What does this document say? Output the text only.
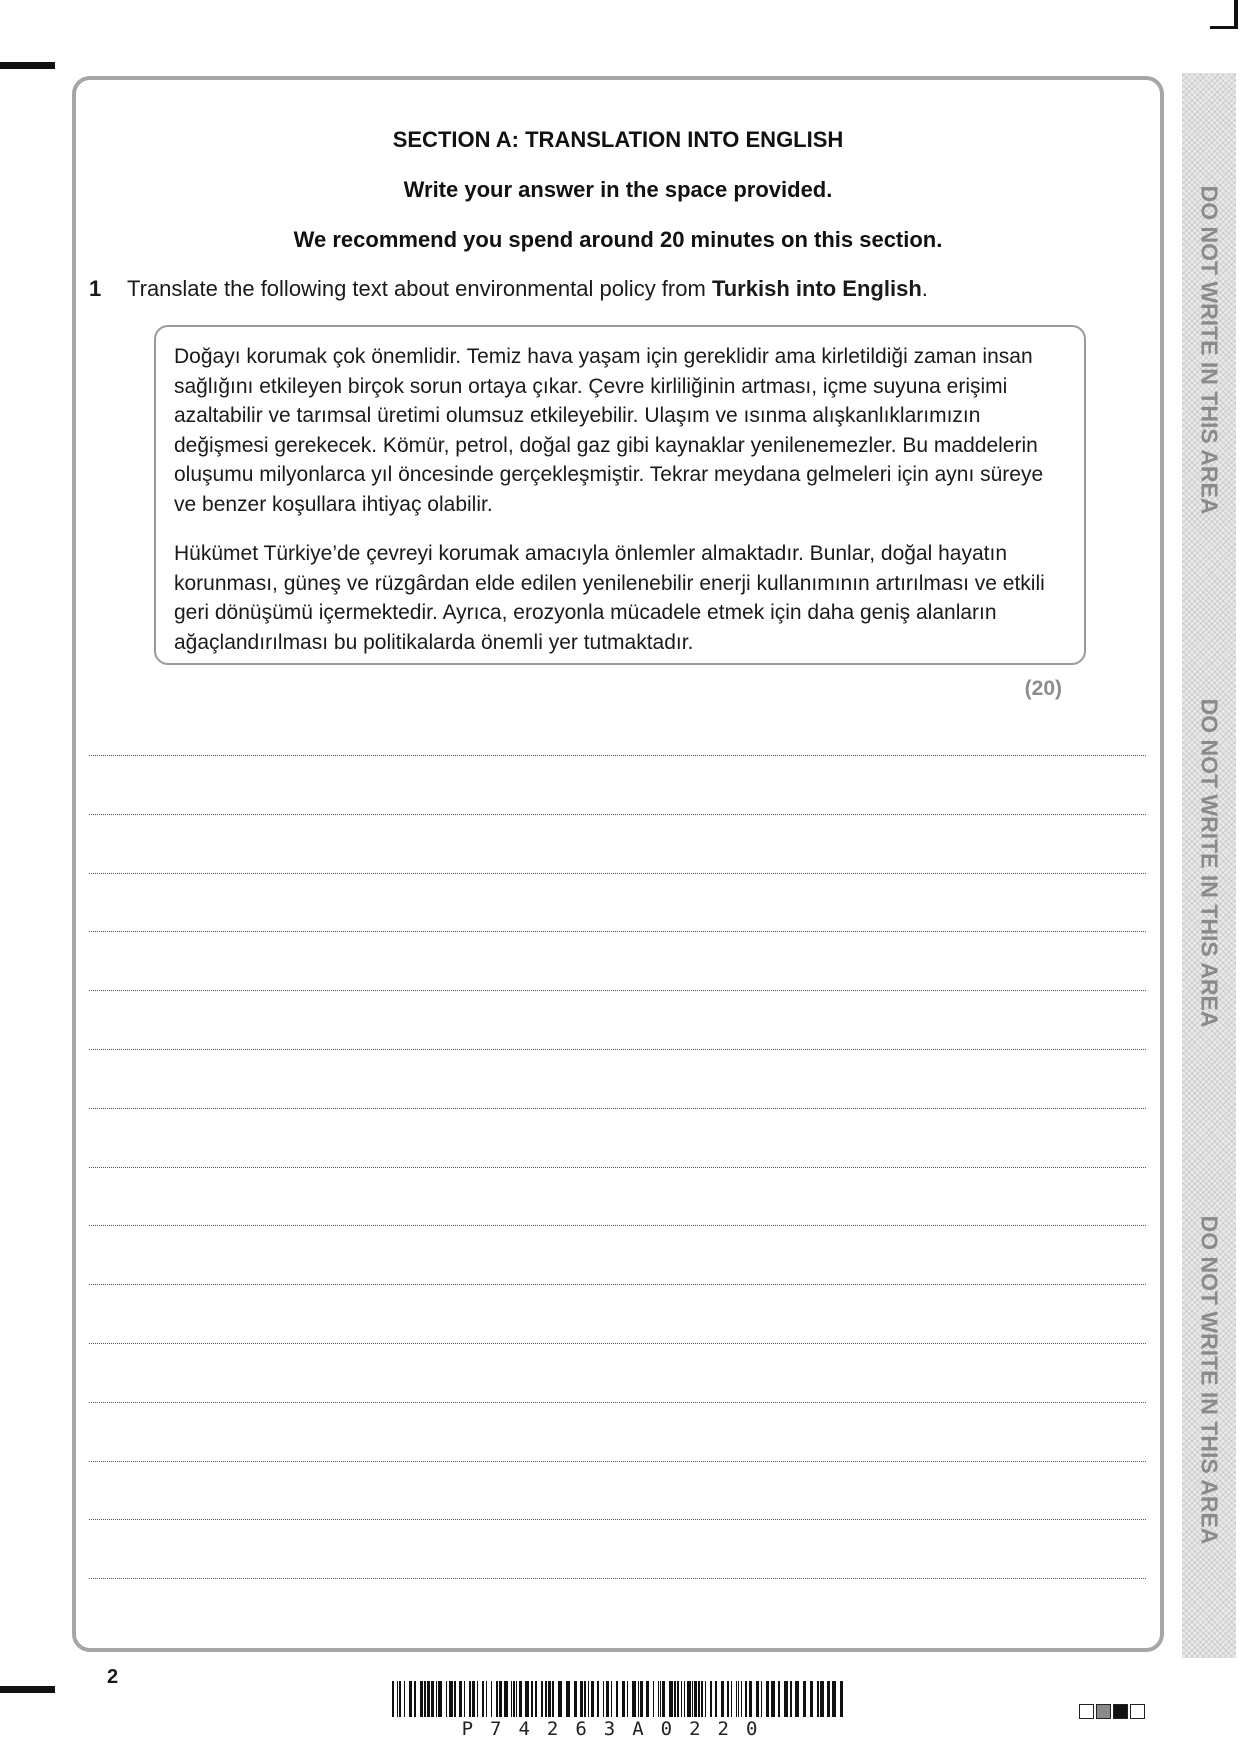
DO NOT WRITE IN THIS AREA
DO NOT WRITE IN THIS AREA
DO NOT WRITE IN THIS AREA
SECTION A: TRANSLATION INTO ENGLISH
Write your answer in the space provided.
We recommend you spend around 20 minutes on this section.
1 Translate the following text about environmental policy from Turkish into English.

Doğayı korumak çok önemlidir. Temiz hava yaşam için gereklidir ama kirletildiği zaman insan sağlığını etkileyen birçok sorun ortaya çıkar. Çevre kirliliğinin artması, içme suyuna erişimi azaltabilir ve tarımsal üretimi olumsuz etkileyebilir. Ulaşım ve ısınma alışkanlıklarımızın değişmesi gerekecek. Kömür, petrol, doğal gaz gibi kaynaklar yenilenemezler. Bu maddelerin oluşumu milyonlarca yıl öncesinde gerçekleşmiştir. Tekrar meydana gelmeleri için aynı süreye ve benzer koşullara ihtiyaç olabilir.

Hükümet Türkiye’de çevreyi korumak amacıyla önlemler almaktadır. Bunlar, doğal hayatın korunması, güneş ve rüzgârdan elde edilen yenilenebilir enerji kullanımının artırılması ve etkili geri dönüşümü içermektedir. Ayrıca, erozyonla mücadele etmek için daha geniş alanların ağaçlandırılması bu politikalarda önemli yer tutmaktadır.

(20)
2
P74263A0220
